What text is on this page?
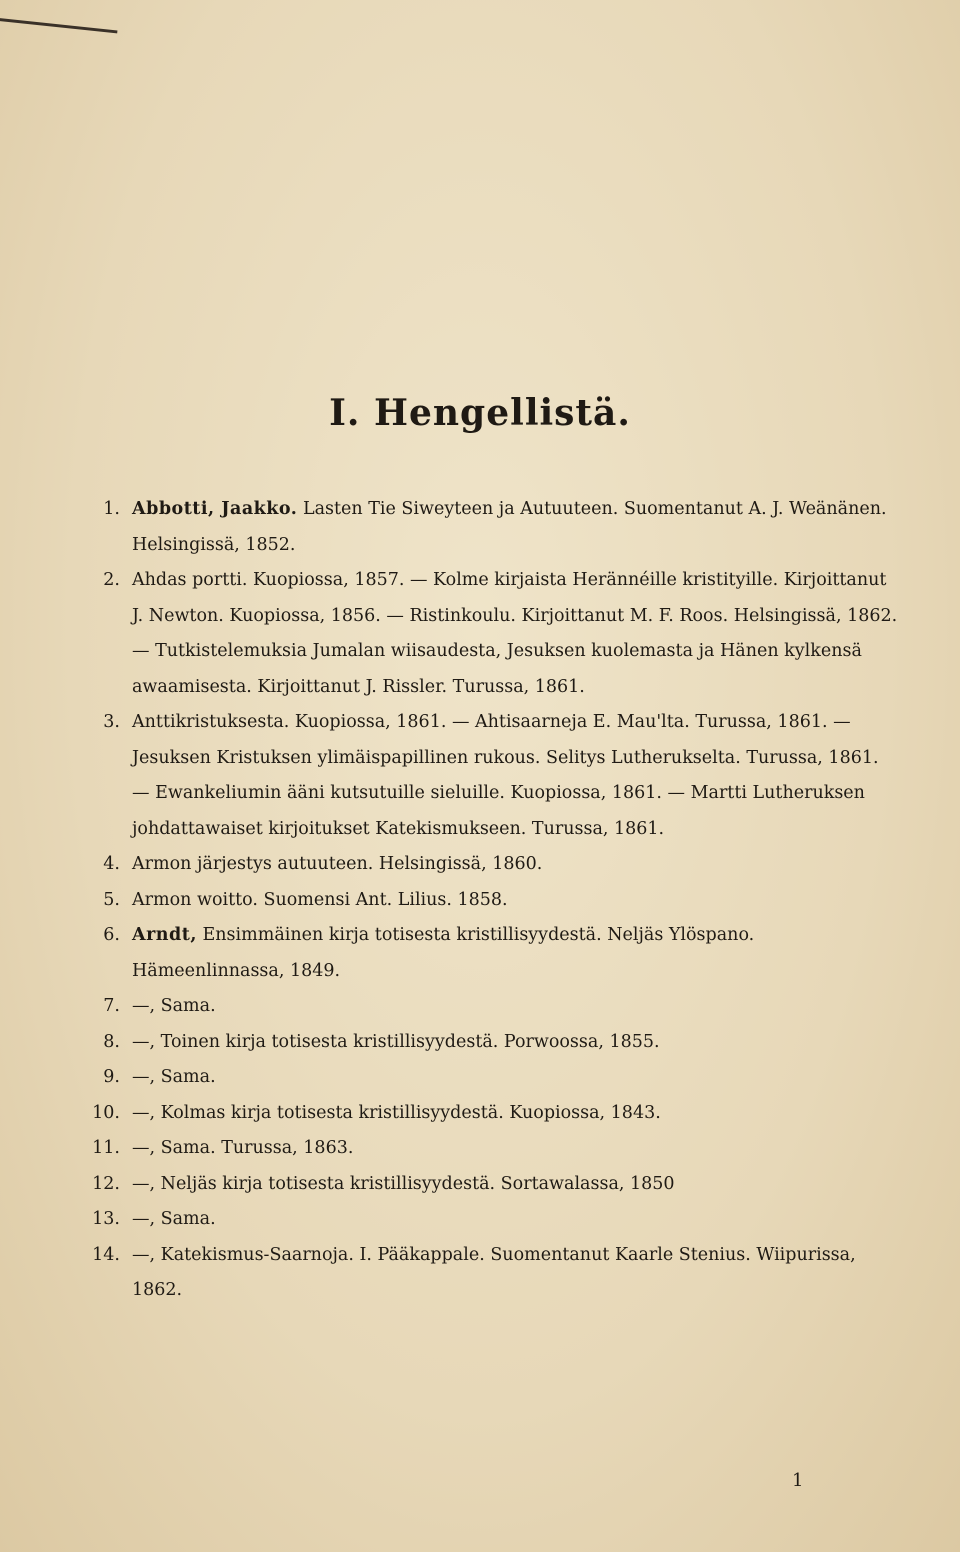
I. Hengellistä.
1. Abbotti, Jaakko. Lasten Tie Siweyteen ja Autuuteen. Suomentanut A. J. Weänänen. Helsingissä, 1852.
2. Ahdas portti. Kuopiossa, 1857. — Kolme kirjaista Herännéille kristityille. Kirjoittanut J. Newton. Kuopiossa, 1856. — Ristinkoulu. Kirjoittanut M. F. Roos. Helsingissä, 1862. — Tutkistelemuksia Jumalan wiisaudesta, Jesuksen kuolemasta ja Hänen kylkensä awaamisesta. Kirjoittanut J. Rissler. Turussa, 1861.
3. Anttikristuksesta. Kuopiossa, 1861. — Ahtisaarneja E. Mau'lta. Turussa, 1861. — Jesuksen Kristuksen ylimäispapillinen rukous. Selitys Lutherukselta. Turussa, 1861. — Ewankeliumin ääni kutsutuille sieluille. Kuopiossa, 1861. — Martti Lutheruksen johdattawaiset kirjoitukset Katekismukseen. Turussa, 1861.
4. Armon järjestys autuuteen. Helsingissä, 1860.
5. Armon woitto. Suomensi Ant. Lilius. 1858.
6. Arndt, Ensimmäinen kirja totisesta kristillisyydestä. Neljäs Ylöspano. Hämeenlinnassa, 1849.
7. —, Sama.
8. —, Toinen kirja totisesta kristillisyydestä. Porwoossa, 1855.
9. —, Sama.
10. —, Kolmas kirja totisesta kristillisyydestä. Kuopiossa, 1843.
11. —, Sama. Turussa, 1863.
12. —, Neljäs kirja totisesta kristillisyydestä. Sortawalassa, 1850
13. —, Sama.
14. —, Katekismus-Saarnoja. I. Pääkappale. Suomentanut Kaarle Stenius. Wiipurissa, 1862.
1
